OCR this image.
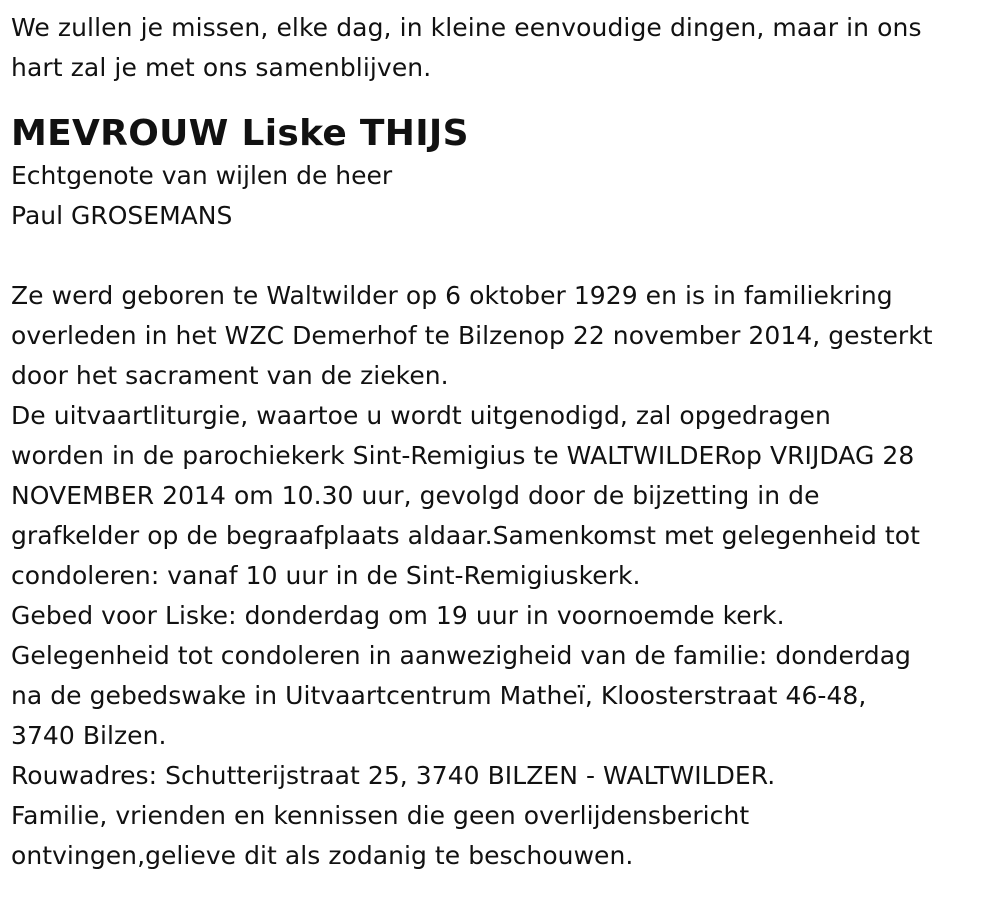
We zullen je missen, elke dag, in kleine eenvoudige dingen, maar in ons
hart zal je met ons samenblijven.
MEVROUW Liske THIJS
Echtgenote van wijlen de heer
Paul GROSEMANS
Ze werd geboren te Waltwilder op 6 oktober 1929 en is in familiekring
overleden in het WZC Demerhof te Bilzenop 22 november 2014, gesterkt
door het sacrament van de zieken.
De uitvaartliturgie, waartoe u wordt uitgenodigd, zal opgedragen
worden in de parochiekerk Sint-Remigius te WALTWILDERop VRIJDAG 28
NOVEMBER 2014 om 10.30 uur, gevolgd door de bijzetting in de
grafkelder op de begraafplaats aldaar.Samenkomst met gelegenheid tot
condoleren: vanaf 10 uur in de Sint-Remigiuskerk.
Gebed voor Liske: donderdag om 19 uur in voornoemde kerk.
Gelegenheid tot condoleren in aanwezigheid van de familie: donderdag
na de gebedswake in Uitvaartcentrum Matheï, Kloosterstraat 46-48,
3740 Bilzen.
Rouwadres: Schutterijstraat 25, 3740 BILZEN - WALTWILDER.
Familie, vrienden en kennissen die geen overlijdensbericht
ontvingen,gelieve dit als zodanig te beschouwen.
